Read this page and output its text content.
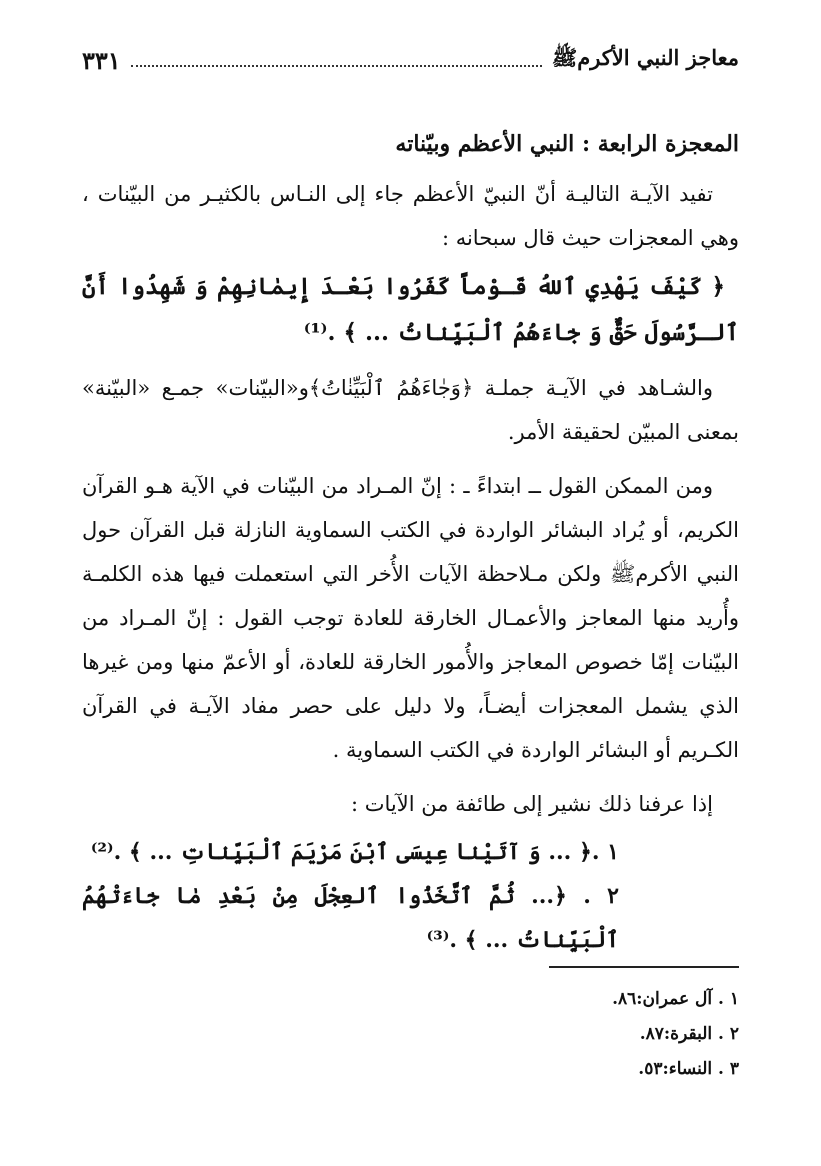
معاجز النبي الأكرمﷺ
٣٣١

المعجزة الرابعة : النبي الأعظم وبيّناته

تفيد الآيـة التاليـة أنّ النبيّ الأعظم جاء إلى النـاس بالكثيـر من البيّنات ، وهي المعجزات حيث قال سبحانه :

﴿ كَيْفَ يَهْدِي ٱللهُ قَـوْماً كَفَرُوا بَعْـدَ إِيمٰانِهِمْ وَ شَهِدُوا أَنَّ ٱلـرَّسُولَ حَقٌّ وَ جٰاءَهُمُ ٱلْبَيِّنٰاتُ ... ﴾ .⁽¹⁾

والشـاهد في الآيـة جملـة ﴿وَجٰاءَهُمُ ٱلْبَيِّنٰاتُ﴾و«البيّنات» جمـع «البيّنة» بمعنى المبيّن لحقيقة الأمر.

ومن الممكن القول ــ ابتداءً ـ : إنّ المـراد من البيّنات في الآية هـو القرآن الكريم، أو يُراد البشائر الواردة في الكتب السماوية النازلة قبل القرآن حول النبي الأكرمﷺ ولكن مـلاحظة الآيات الأُخر التي استعملت فيها هذه الكلمـة وأُريد منها المعاجز والأعمـال الخارقة للعادة توجب القول : إنّ المـراد من البيّنات إمّا خصوص المعاجز والأُمور الخارقة للعادة، أو الأعمّ منها ومن غيرها الذي يشمل المعجزات أيضـاً، ولا دليل على حصر مفاد الآيـة في القرآن الكـريم أو البشائر الواردة في الكتب السماوية .

إذا عرفنا ذلك نشير إلى طائفة من الآيات :

١ .﴿ ... وَ آتَيْنٰا عِيسَى ٱبْنَ مَرْيَمَ ٱلْبَيِّنٰاتِ ... ﴾ .⁽²⁾
٢ . ﴿... ثُمَّ ٱتَّخَذُوا ٱلعِجْلَ مِنْ بَعْدِ مٰا جٰاءَتْهُمُ ٱلْبَيِّنٰاتُ ... ﴾ .⁽³⁾
١ . آل عمران:٨٦.
٢ . البقرة:٨٧.
٣ . النساء:٥٣.
